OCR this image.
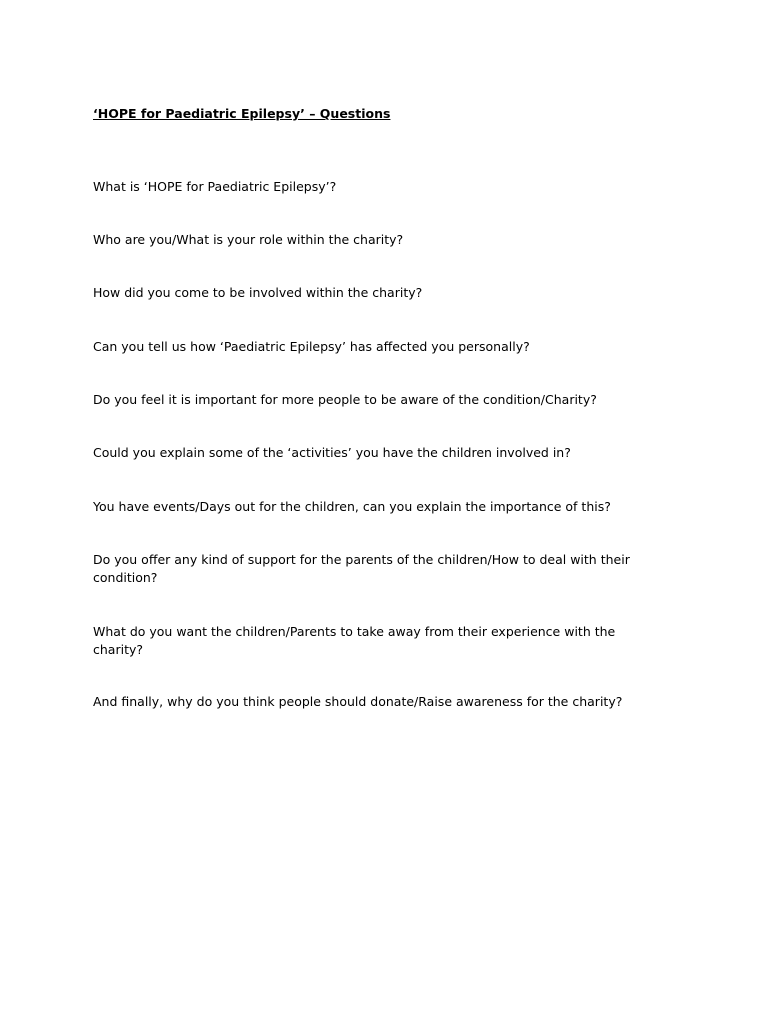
‘HOPE for Paediatric Epilepsy’ – Questions

What is ‘HOPE for Paediatric Epilepsy’?

Who are you/What is your role within the charity?

How did you come to be involved within the charity?

Can you tell us how ‘Paediatric Epilepsy’ has affected you personally?

Do you feel it is important for more people to be aware of the condition/Charity?

Could you explain some of the ‘activities’ you have the children involved in?

You have events/Days out for the children, can you explain the importance of this?

Do you offer any kind of support for the parents of the children/How to deal with their condition?

What do you want the children/Parents to take away from their experience with the charity?

And finally, why do you think people should donate/Raise awareness for the charity?
